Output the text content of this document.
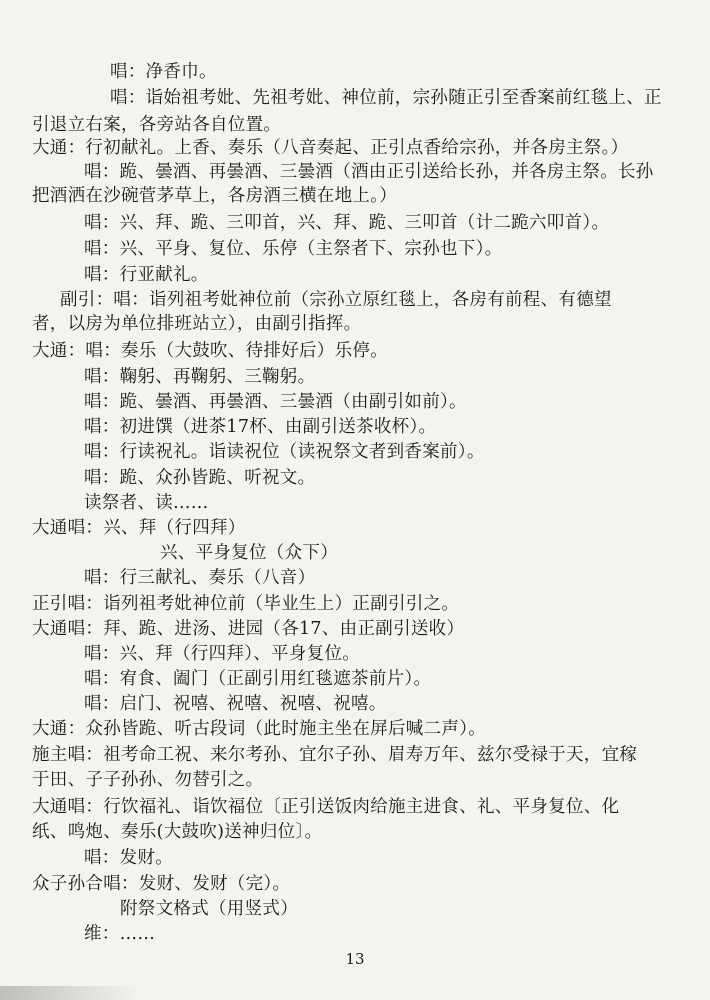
唱：净香巾。
唱：诣始祖考妣、先祖考妣、神位前，宗孙随正引至香案前红毯上、正
引退立右案，各旁站各自位置。
大通：行初献礼。上香、奏乐（八音奏起、正引点香给宗孙，并各房主祭。）
唱：跪、曇酒、再曇酒、三曇酒（酒由正引送给长孙，并各房主祭。长孙
把酒洒在沙碗菅茅草上，各房酒三横在地上。）
唱：兴、拜、跪、三叩首，兴、拜、跪、三叩首（计二跪六叩首）。
唱：兴、平身、复位、乐停（主祭者下、宗孙也下）。
唱：行亚献礼。
副引：唱：诣列祖考妣神位前（宗孙立原红毯上，各房有前程、有德望
者，以房为单位排班站立），由副引指挥。
大通：唱：奏乐（大鼓吹、待排好后）乐停。
唱：鞠躬、再鞠躬、三鞠躬。
唱：跪、曇酒、再曇酒、三曇酒（由副引如前）。
唱：初进馔（进茶17杯、由副引送茶收杯）。
唱：行读祝礼。诣读祝位（读祝祭文者到香案前）。
唱：跪、众孙皆跪、听祝文。
读祭者、读……
大通唱：兴、拜（行四拜）
兴、平身复位（众下）
唱：行三献礼、奏乐（八音）
正引唱：诣列祖考妣神位前（毕业生上）正副引引之。
大通唱：拜、跪、进汤、进园（各17、由正副引送收）
唱：兴、拜（行四拜）、平身复位。
唱：宥食、阖门（正副引用红毯遮茶前片）。
唱：启门、祝嘻、祝嘻、祝嘻、祝嘻。
大通：众孙皆跪、听古段词（此时施主坐在屏后喊二声）。
施主唱：祖考命工祝、来尔考孙、宜尔子孙、眉寿万年、兹尔受禄于天，宜稼
于田、子子孙孙、勿替引之。
大通唱：行饮福礼、诣饮福位〔正引送饭肉给施主进食、礼、平身复位、化
纸、鸣炮、奏乐(大鼓吹)送神归位〕。
唱：发财。
众子孙合唱：发财、发财（完）。
附祭文格式（用竖式）
维：……
13
